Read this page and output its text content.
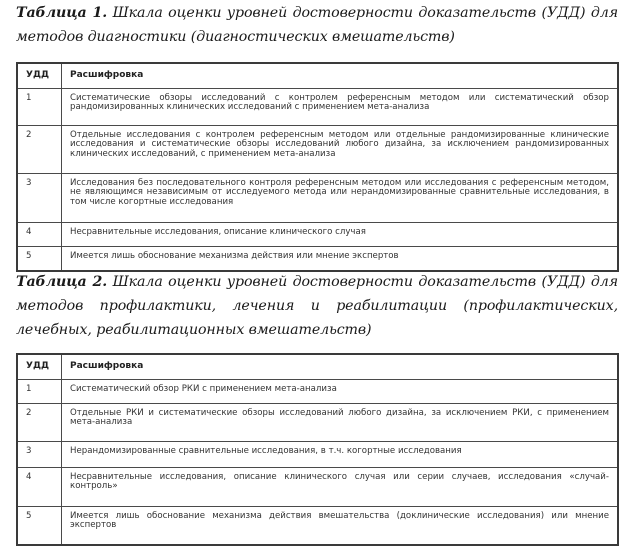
Таблица 1. Шкала оценки уровней достоверности доказательств (УДД) для методов диагностики (диагностических вмешательств)
УДД	Расшифровка
1	Систематические обзоры исследований с контролем референсным методом или систематический обзор рандомизированных клинических исследований с применением мета-анализа
2	Отдельные исследования с контролем референсным методом или отдельные рандомизированные клинические исследования и систематические обзоры исследований любого дизайна, за исключением рандомизированных клинических исследований, с применением мета-анализа
3	Исследования без последовательного контроля референсным методом или исследования с референсным методом, не являющимся независимым от исследуемого метода или нерандомизированные сравнительные исследования, в том числе когортные исследования
4	Несравнительные исследования, описание клинического случая
5	Имеется лишь обоснование механизма действия или мнение экспертов
Таблица 2. Шкала оценки уровней достоверности доказательств (УДД) для методов профилактики, лечения и реабилитации (профилактических, лечебных, реабилитационных вмешательств)
УДД	Расшифровка
1	Систематический обзор РКИ с применением мета-анализа
2	Отдельные РКИ и систематические обзоры исследований любого дизайна, за исключением РКИ, с применением мета-анализа
3	Нерандомизированные сравнительные исследования, в т.ч. когортные исследования
4	Несравнительные исследования, описание клинического случая или серии случаев, исследования «случай-контроль»
5	Имеется лишь обоснование механизма действия вмешательства (доклинические исследования) или мнение экспертов
